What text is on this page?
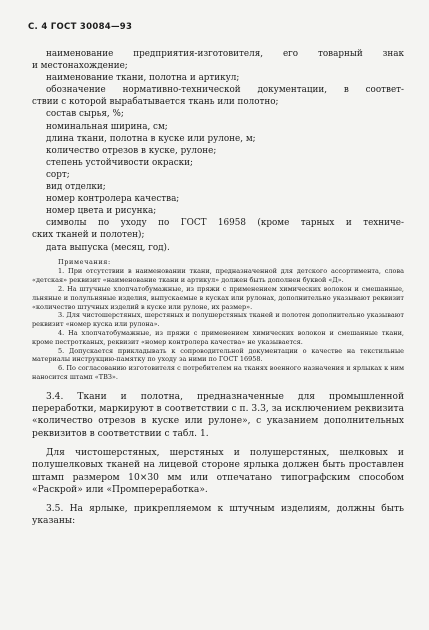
С. 4 ГОСТ 30084—93
наименование предприятия-изготовителя, его товарный знак
и местонахождение;
наименование ткани, полотна и артикул;
обозначение нормативно-технической документации, в соответ-
ствии с которой вырабатывается ткань или полотно;
состав сырья, %;
номинальная ширина, см;
длина ткани, полотна в куске или рулоне, м;
количество отрезов в куске, рулоне;
степень устойчивости окраски;
сорт;
вид отделки;
номер контролера качества;
номер цвета и рисунка;
символы по уходу по ГОСТ 16958 (кроме тарных и техниче-
ских тканей и полотен);
дата выпуска (месяц, год).
Примечания:
1. При отсутствии в наименовании ткани, предназначенной для детского ассортимента, слова «детская» реквизит «наименование ткани и артикул» должен быть дополнен буквой «Д».
2. На штучные хлопчатобумажные, из пряжи с применением химических волокон и смешанные, льняные и полульняные изделия, выпускаемые в кусках или рулонах, дополнительно указывают реквизит «количество штучных изделий в куске или рулоне, их размер».
3. Для чистошерстяных, шерстяных и полушерстяных тканей и полотен дополнительно указывают реквизит «номер куска или рулона».
4. На хлопчатобумажные, из пряжи с применением химических волокон и смешанные ткани, кроме пестротканых, реквизит «номер контролера качества» не указывается.
5. Допускается прикладывать к сопроводительной документации о качестве на текстильные материалы инструкцию-памятку по уходу за ними по ГОСТ 16958.
6. По согласованию изготовителя с потребителем на тканях военного назначения и ярлыках к ним наносится штамп «ТВЗ».
3.4. Ткани и полотна, предназначенные для промышленной переработки, маркируют в соответствии с п. 3.3, за исключением реквизита «количество отрезов в куске или рулоне», с указанием дополнительных реквизитов в соответствии с табл. 1.
Для чистошерстяных, шерстяных и полушерстяных, шелковых и полушелковых тканей на лицевой стороне ярлыка должен быть проставлен штамп размером 10×30 мм или отпечатано типографским способом «Раскрой» или «Промпереработка».
3.5. На ярлыке, прикрепляемом к штучным изделиям, должны быть указаны:
